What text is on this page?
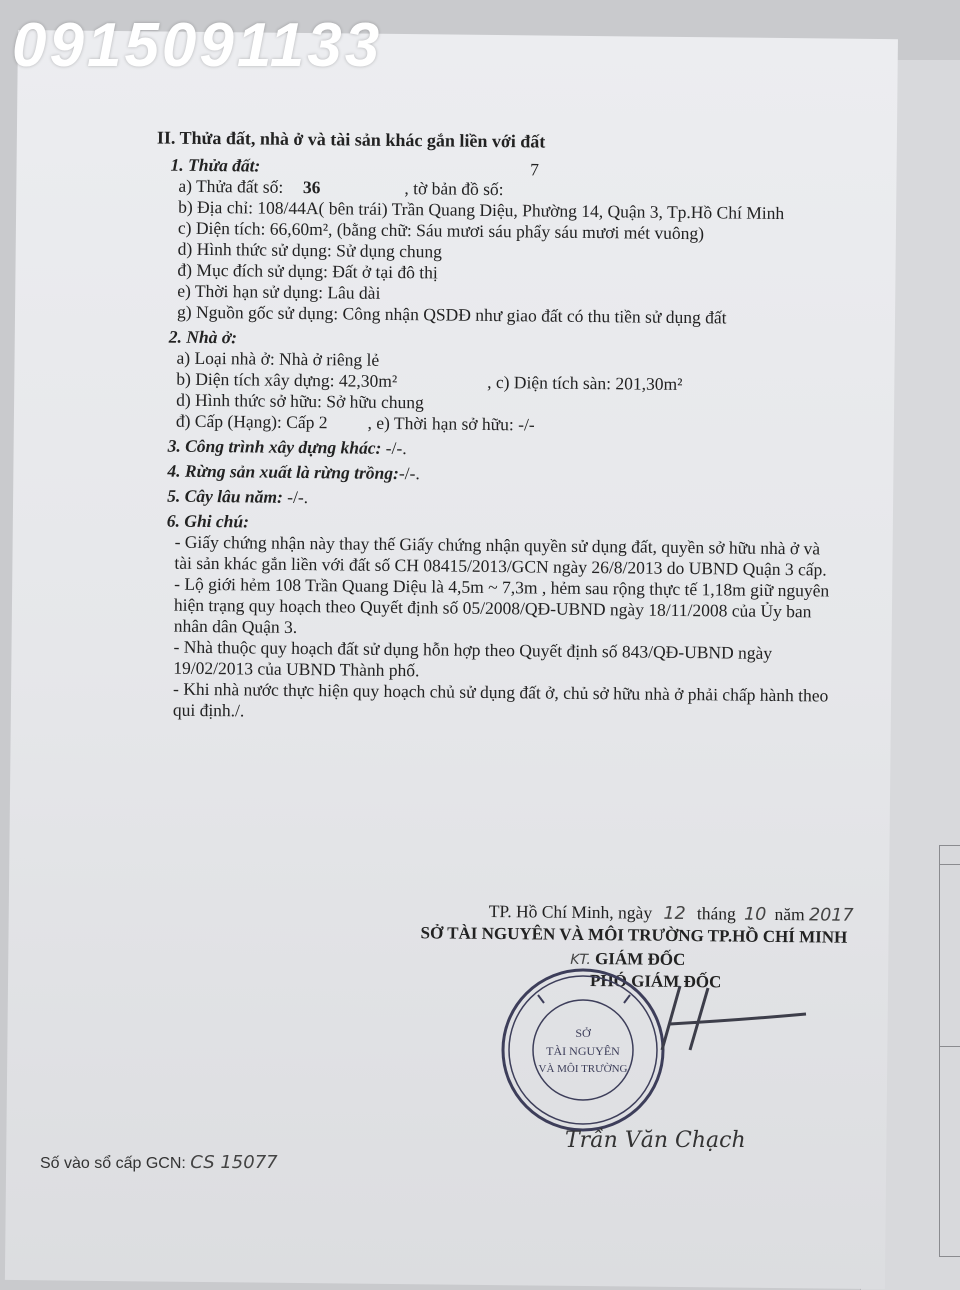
II. Thửa đất, nhà ở và tài sản khác gắn liền với đất
1. Thửa đất:
a) Thửa đất số: 36	, tờ bản đồ số: 7
b) Địa chỉ: 108/44A( bên trái) Trần Quang Diệu, Phường 14, Quận 3, Tp.Hồ Chí Minh
c) Diện tích: 66,60m², (bằng chữ: Sáu mươi sáu phẩy sáu mươi mét vuông)
d) Hình thức sử dụng: Sử dụng chung
đ) Mục đích sử dụng: Đất ở tại đô thị
e) Thời hạn sử dụng: Lâu dài
g) Nguồn gốc sử dụng: Công nhận QSDĐ như giao đất có thu tiền sử dụng đất
2. Nhà ở:
a) Loại nhà ở: Nhà ở riêng lẻ
b) Diện tích xây dựng: 42,30m²	, c) Diện tích sàn: 201,30m²
d) Hình thức sở hữu: Sở hữu chung
đ) Cấp (Hạng): Cấp 2 , e) Thời hạn sở hữu: -/-
3. Công trình xây dựng khác: -/-.
4. Rừng sản xuất là rừng trồng:-/-.
5. Cây lâu năm: -/-.
6. Ghi chú:
- Giấy chứng nhận này thay thế Giấy chứng nhận quyền sử dụng đất, quyền sở hữu nhà ở và tài sản khác gắn liền với đất số CH 08415/2013/GCN ngày 26/8/2013 do UBND Quận 3 cấp.
- Lộ giới hẻm 108 Trần Quang Diệu là 4,5m ~ 7,3m , hẻm sau rộng thực tế 1,18m giữ nguyên hiện trạng quy hoạch theo Quyết định số 05/2008/QĐ-UBND ngày 18/11/2008 của Ủy ban nhân dân Quận 3.
- Nhà thuộc quy hoạch đất sử dụng hỗn hợp theo Quyết định số 843/QĐ-UBND ngày 19/02/2013 của UBND Thành phố.
- Khi nhà nước thực hiện quy hoạch chủ sử dụng đất ở, chủ sở hữu nhà ở phải chấp hành theo qui định./.
TP. Hồ Chí Minh, ngày 12 tháng 10 năm 2017
SỞ TÀI NGUYÊN VÀ MÔI TRƯỜNG TP.HỒ CHÍ MINH
KT. GIÁM ĐỐC
PHÓ GIÁM ĐỐC
0915091133
SỞ
TÀI NGUYÊN
VÀ MÔI TRƯỜNG
Trần Văn Chạch
Số vào sổ cấp GCN: CS 15077
